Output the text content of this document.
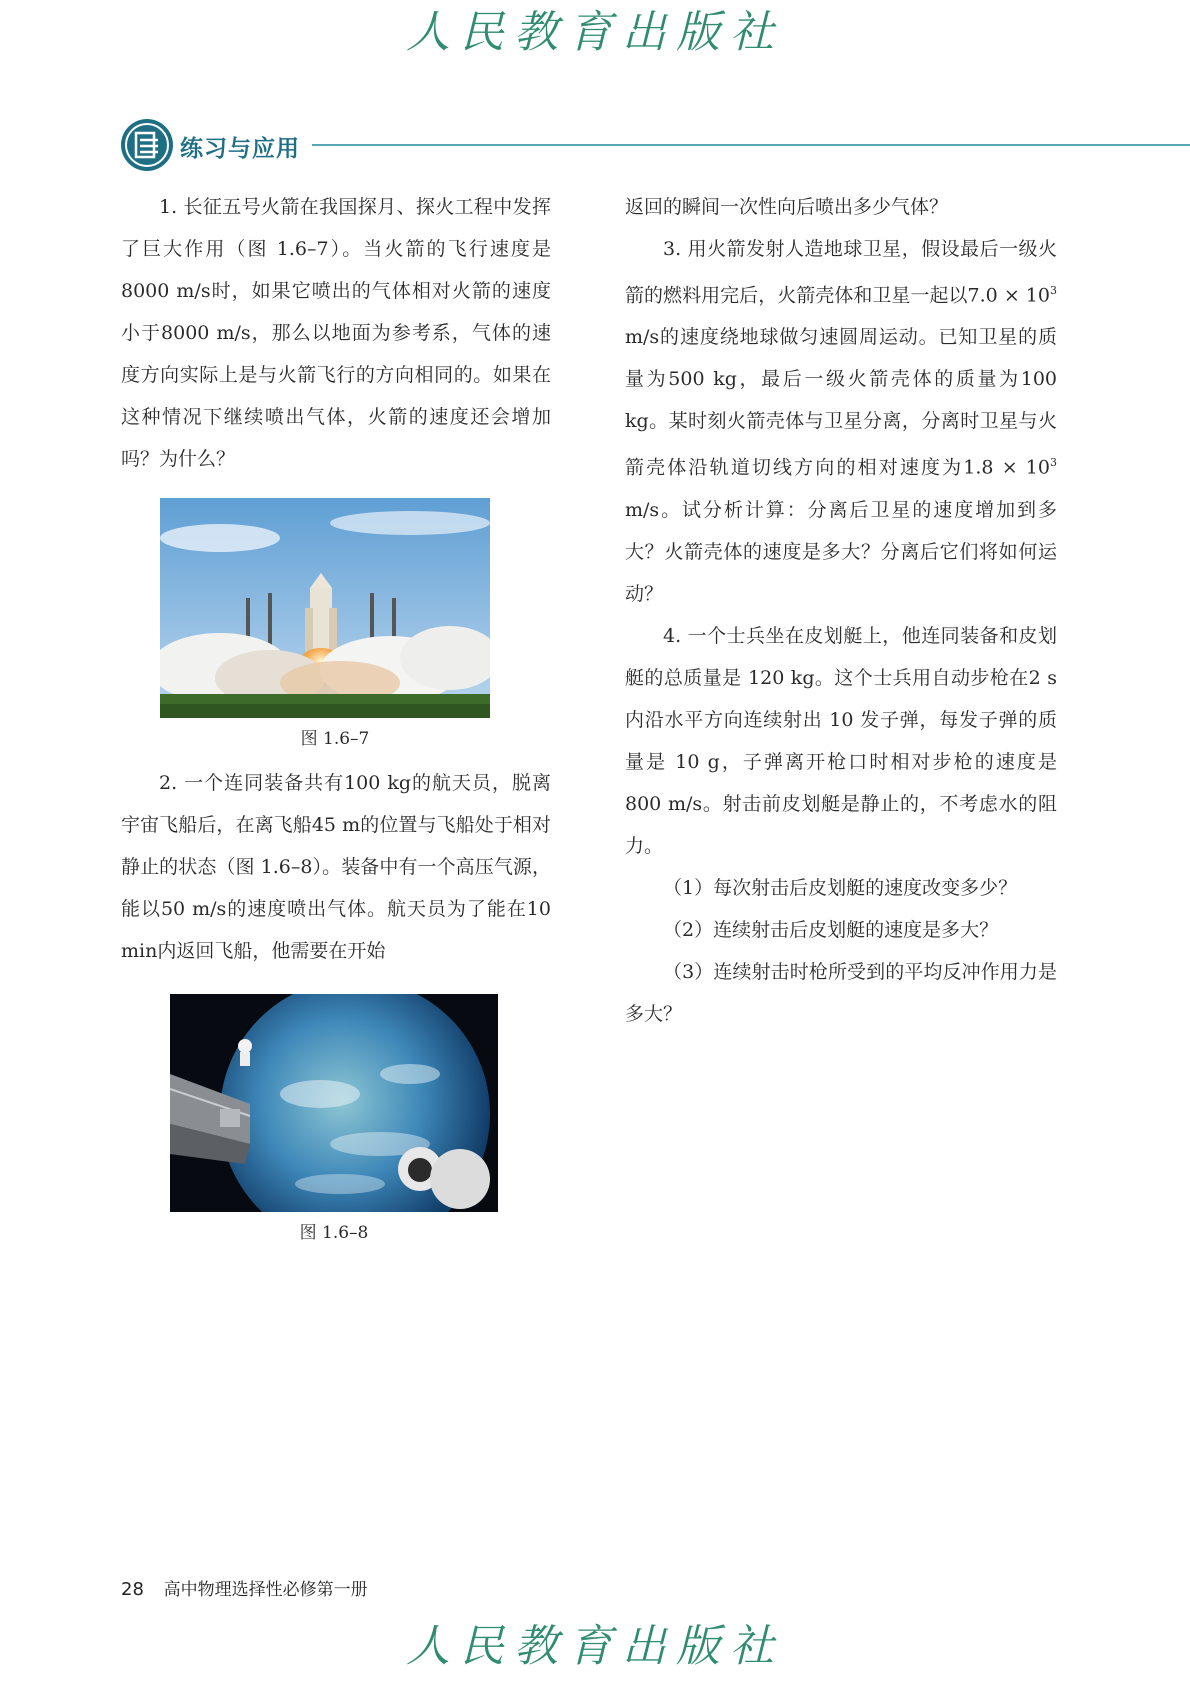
人民教育出版社
练习与应用

1. 长征五号火箭在我国探月、探火工程中发挥了巨大作用（图 1.6–7）。当火箭的飞行速度是 8000 m/s时，如果它喷出的气体相对火箭的速度小于8000 m/s，那么以地面为参考系，气体的速度方向实际上是与火箭飞行的方向相同的。如果在这种情况下继续喷出气体，火箭的速度还会增加吗？为什么？

图 1.6–7

2. 一个连同装备共有100 kg的航天员，脱离宇宙飞船后，在离飞船45 m的位置与飞船处于相对静止的状态（图 1.6–8）。装备中有一个高压气源，能以50 m/s的速度喷出气体。航天员为了能在10 min内返回飞船，他需要在开始

图 1.6–8

返回的瞬间一次性向后喷出多少气体？

3. 用火箭发射人造地球卫星，假设最后一级火箭的燃料用完后，火箭壳体和卫星一起以$7.0 \times 10^3$ m/s的速度绕地球做匀速圆周运动。已知卫星的质量为500 kg，最后一级火箭壳体的质量为100 kg。某时刻火箭壳体与卫星分离，分离时卫星与火箭壳体沿轨道切线方向的相对速度为$1.8 \times 10^3$ m/s。试分析计算：分离后卫星的速度增加到多大？火箭壳体的速度是多大？分离后它们将如何运动？

4. 一个士兵坐在皮划艇上，他连同装备和皮划艇的总质量是 120 kg。这个士兵用自动步枪在2 s 内沿水平方向连续射出 10 发子弹，每发子弹的质量是 10 g，子弹离开枪口时相对步枪的速度是 800 m/s。射击前皮划艇是静止的，不考虑水的阻力。

（1）每次射击后皮划艇的速度改变多少？

（2）连续射击后皮划艇的速度是多大？

（3）连续射击时枪所受到的平均反冲作用力是多大？

28 高中物理选择性必修第一册
人民教育出版社
